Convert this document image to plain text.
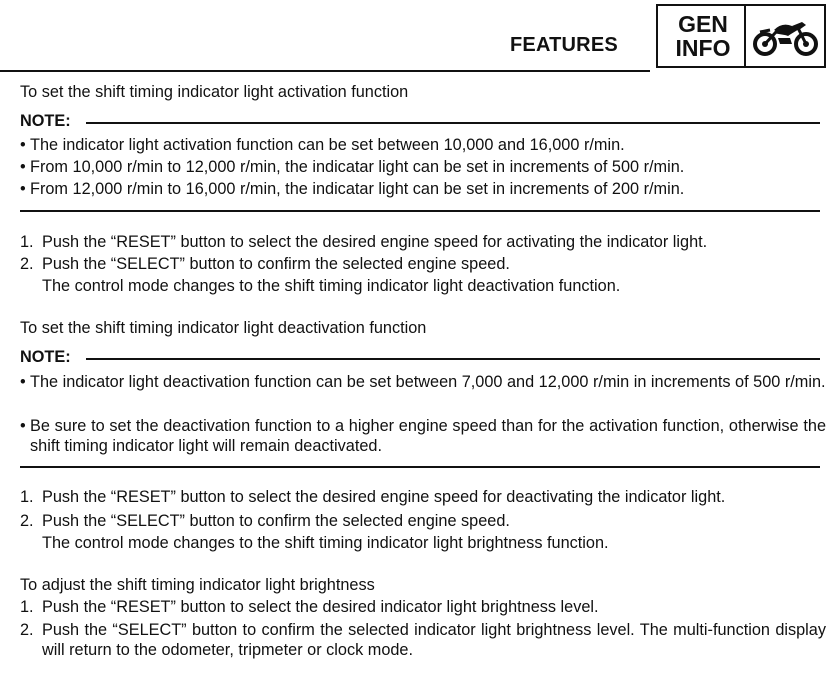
FEATURES
GEN
INFO
To set the shift timing indicator light activation function
NOTE:
• The indicator light activation function can be set between 10,000 and 16,000 r/min.
• From 10,000 r/min to 12,000 r/min, the indicatar light can be set in increments of 500 r/min.
• From 12,000 r/min to 16,000 r/min, the indicatar light can be set in increments of 200 r/min.
1. Push the “RESET” button to select the desired engine speed for activating the indicator light.
2. Push the “SELECT” button to confirm the selected engine speed.
The control mode changes to the shift timing indicator light deactivation function.
To set the shift timing indicator light deactivation function
NOTE:
• The indicator light deactivation function can be set between 7,000 and 12,000 r/min in increments of 500 r/min.
• Be sure to set the deactivation function to a higher engine speed than for the activation function, otherwise the shift timing indicator light will remain deactivated.
1. Push the “RESET” button to select the desired engine speed for deactivating the indicator light.
2. Push the “SELECT” button to confirm the selected engine speed.
The control mode changes to the shift timing indicator light brightness function.
To adjust the shift timing indicator light brightness
1. Push the “RESET” button to select the desired indicator light brightness level.
2. Push the “SELECT” button to confirm the selected indicator light brightness level. The multi-function display will return to the odometer, tripmeter or clock mode.
